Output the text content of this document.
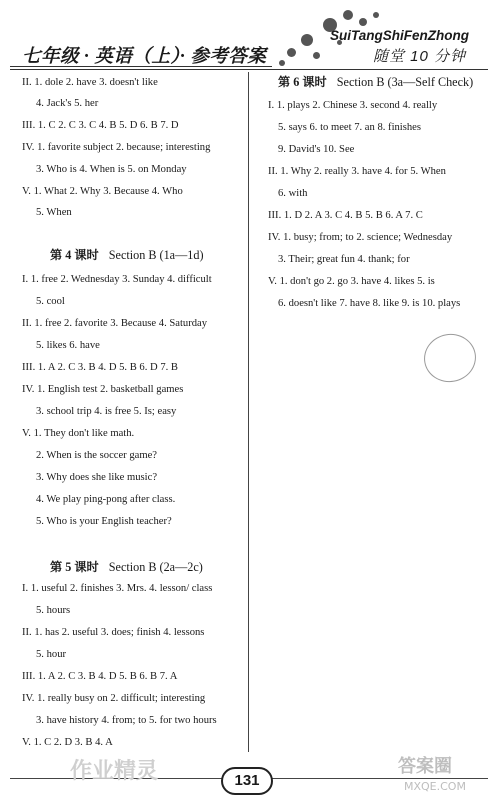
七年级 · 英语（上）· 参考答案
SuiTangShiFenZhong
随堂 10 分钟
II. 1. dole 2. have 3. doesn't like
4. Jack's 5. her
III. 1. C 2. C 3. C 4. B 5. D 6. B 7. D
IV. 1. favorite subject 2. because; interesting
3. Who is 4. When is 5. on Monday
V. 1. What 2. Why 3. Because 4. Who
5. When
第 4 课时 Section B (1a—1d)
I. 1. free 2. Wednesday 3. Sunday 4. difficult
5. cool
II. 1. free 2. favorite 3. Because 4. Saturday
5. likes 6. have
III. 1. A 2. C 3. B 4. D 5. B 6. D 7. B
IV. 1. English test 2. basketball games
3. school trip 4. is free 5. Is; easy
V. 1. They don't like math.
2. When is the soccer game?
3. Why does she like music?
4. We play ping-pong after class.
5. Who is your English teacher?
第 5 课时 Section B (2a—2c)
I. 1. useful 2. finishes 3. Mrs. 4. lesson/ class
5. hours
II. 1. has 2. useful 3. does; finish 4. lessons
5. hour
III. 1. A 2. C 3. B 4. D 5. B 6. B 7. A
IV. 1. really busy on 2. difficult; interesting
3. have history 4. from; to 5. for two hours
V. 1. C 2. D 3. B 4. A
第 6 课时 Section B (3a—Self Check)
I. 1. plays 2. Chinese 3. second 4. really
5. says 6. to meet 7. an 8. finishes
9. David's 10. See
II. 1. Why 2. really 3. have 4. for 5. When
6. with
III. 1. D 2. A 3. C 4. B 5. B 6. A 7. C
IV. 1. busy; from; to 2. science; Wednesday
3. Their; great fun 4. thank; for
V. 1. don't go 2. go 3. have 4. likes 5. is
6. doesn't like 7. have 8. like 9. is 10. plays
作业精灵	答案圈
MXQE.COM
131
